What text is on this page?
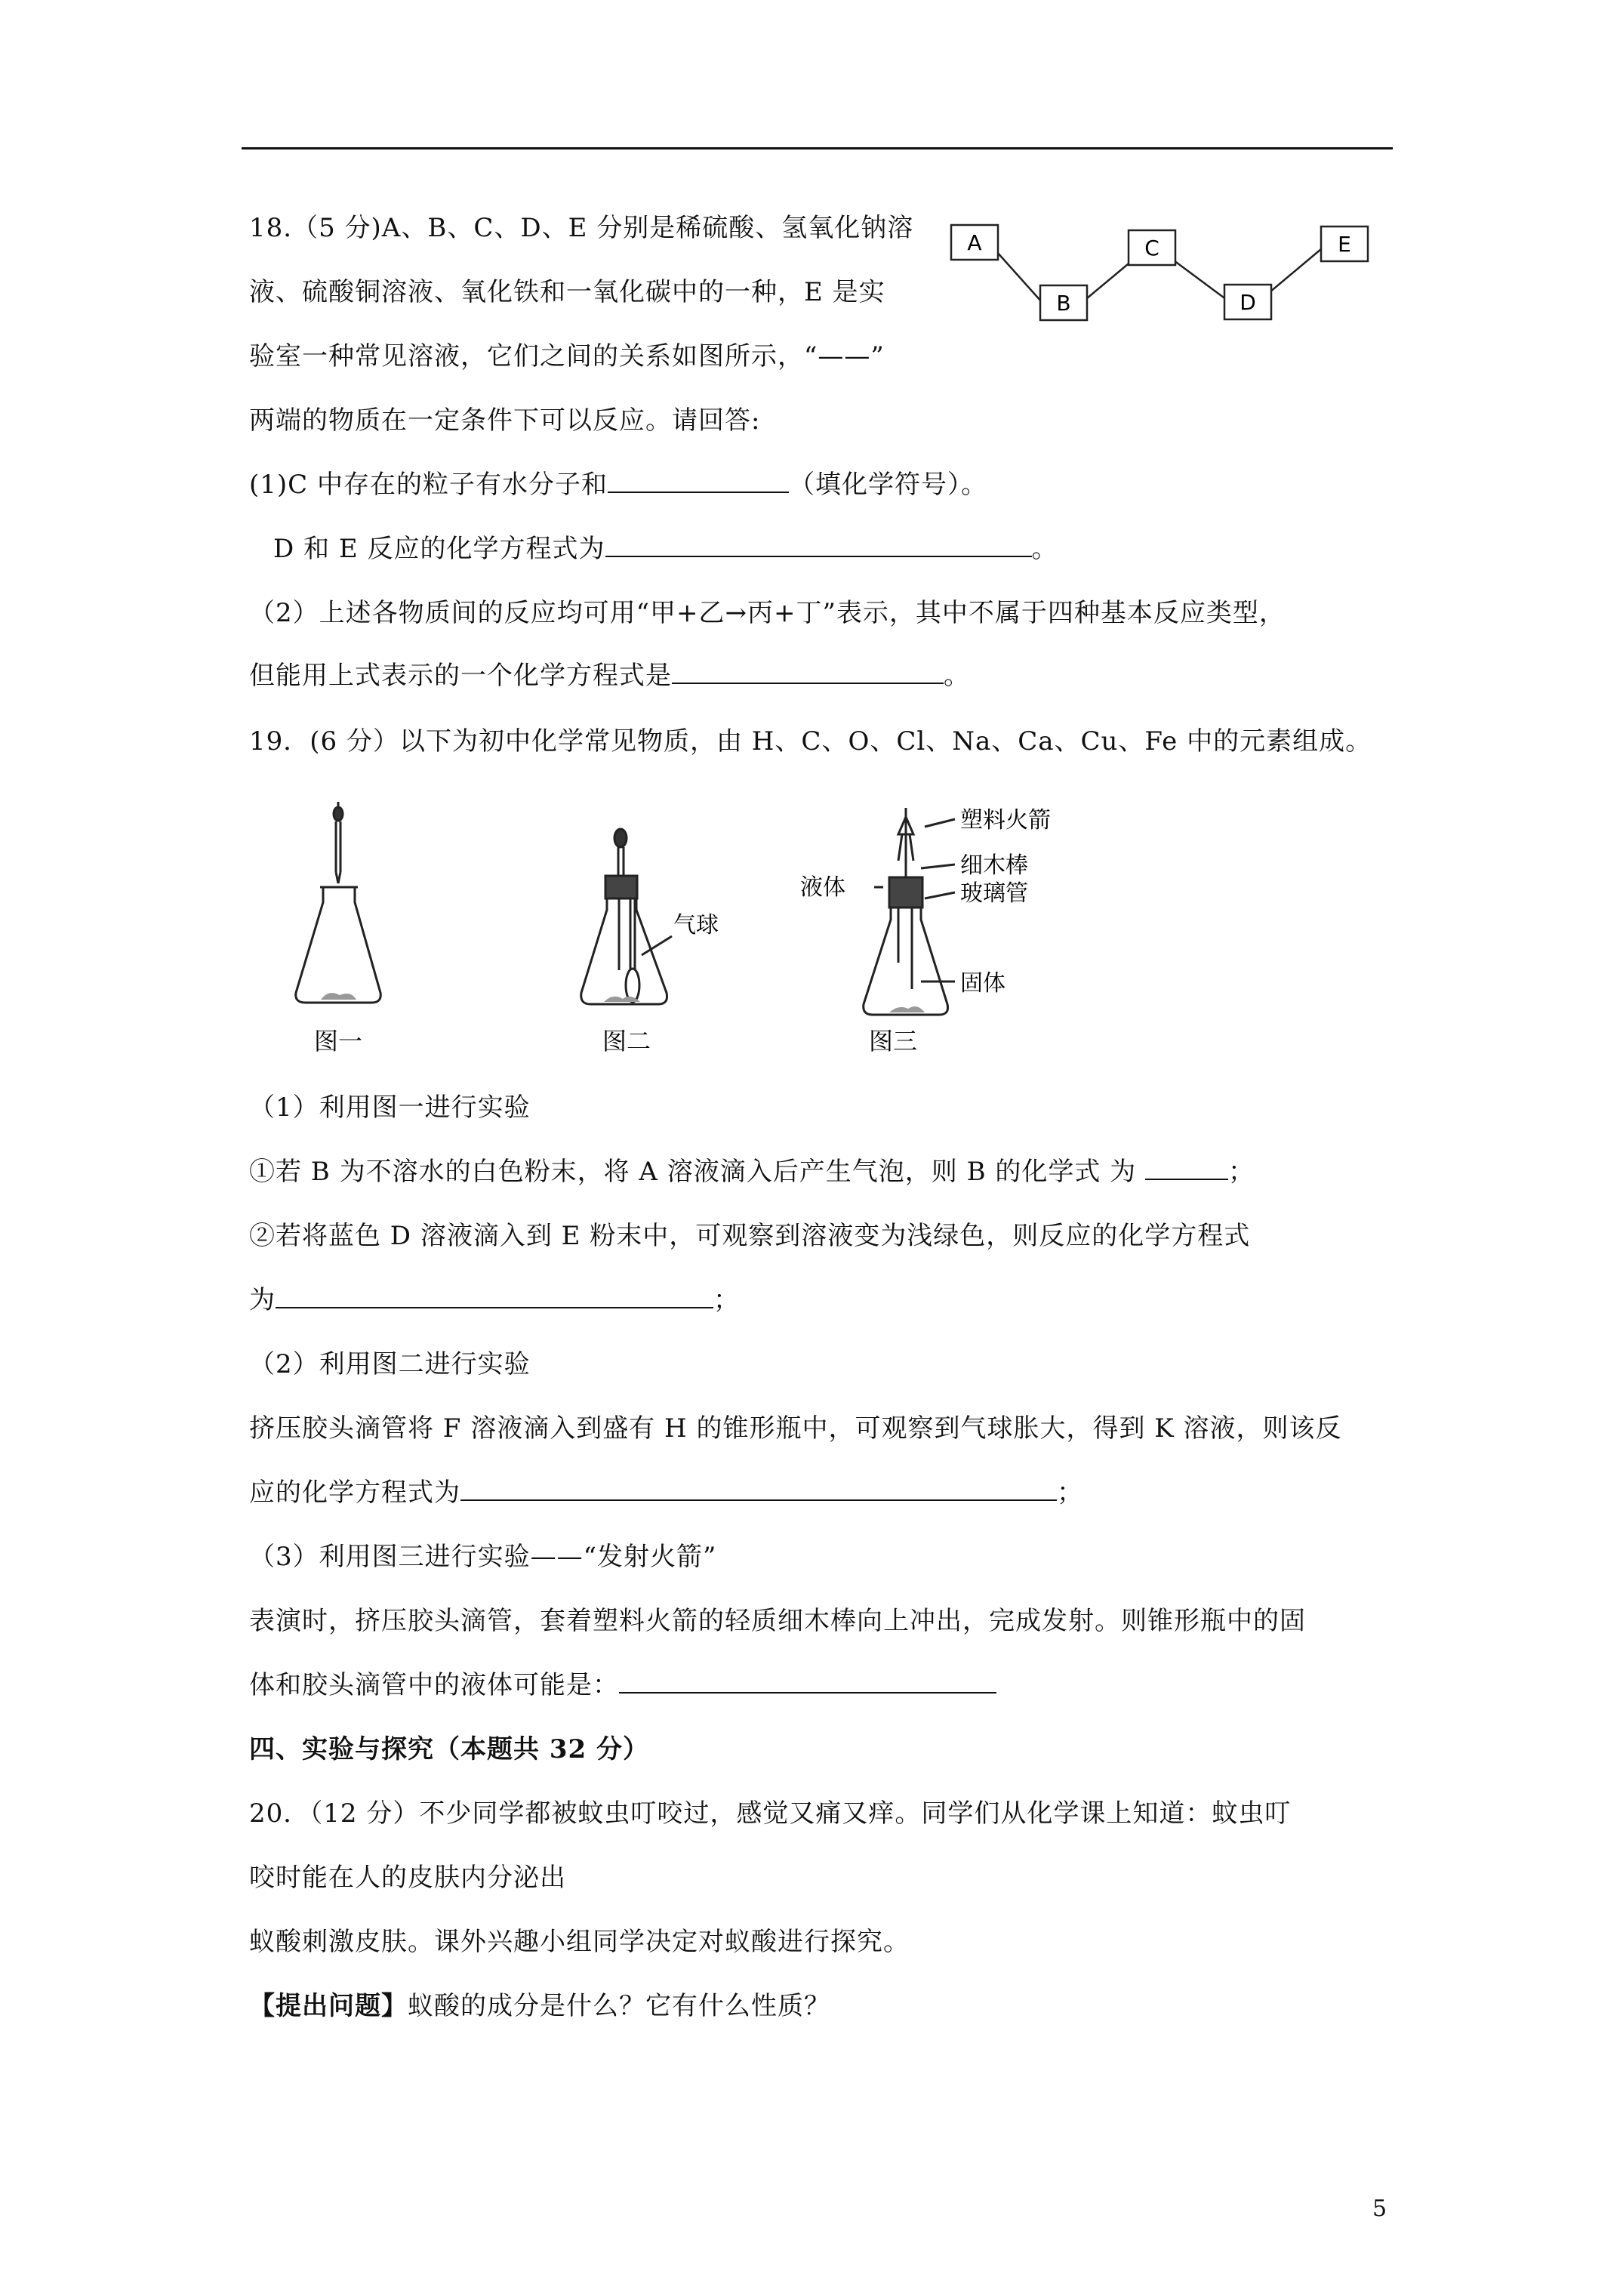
18.（5 分)A、B、C、D、E 分别是稀硫酸、氢氧化钠溶
液、硫酸铜溶液、氧化铁和一氧化碳中的一种，E 是实
验室一种常见溶液，它们之间的关系如图所示，“——”
两端的物质在一定条件下可以反应。请回答:
A
B
C
D
E
(1)C 中存在的粒子有水分子和	（填化学符号）。
D 和 E 反应的化学方程式为	。
（2）上述各物质间的反应均可用“甲+乙→丙+丁”表示，其中不属于四种基本反应类型，
但能用上式表示的一个化学方程式是	。
19．(6 分）以下为初中化学常见物质，由 H、C、O、Cl、Na、Ca、Cu、Fe 中的元素组成。
图一
气球
图二
塑料火箭
细木棒
玻璃管
液体
固体
图三
（1）利用图一进行实验
①若 B 为不溶水的白色粉末，将 A 溶液滴入后产生气泡，则 B 的化学式 为	；
②若将蓝色 D 溶液滴入到 E 粉末中，可观察到溶液变为浅绿色，则反应的化学方程式
为	；
（2）利用图二进行实验
挤压胶头滴管将 F 溶液滴入到盛有 H 的锥形瓶中，可观察到气球胀大，得到 K 溶液，则该反
应的化学方程式为	；
（3）利用图三进行实验——“发射火箭”
表演时，挤压胶头滴管，套着塑料火箭的轻质细木棒向上冲出，完成发射。则锥形瓶中的固
体和胶头滴管中的液体可能是：
四、实验与探究（本题共 32 分）
20．（12 分）不少同学都被蚊虫叮咬过，感觉又痛又痒。同学们从化学课上知道：蚊虫叮
咬时能在人的皮肤内分泌出
蚁酸刺激皮肤。课外兴趣小组同学决定对蚁酸进行探究。
【提出问题】蚁酸的成分是什么？它有什么性质？
5
